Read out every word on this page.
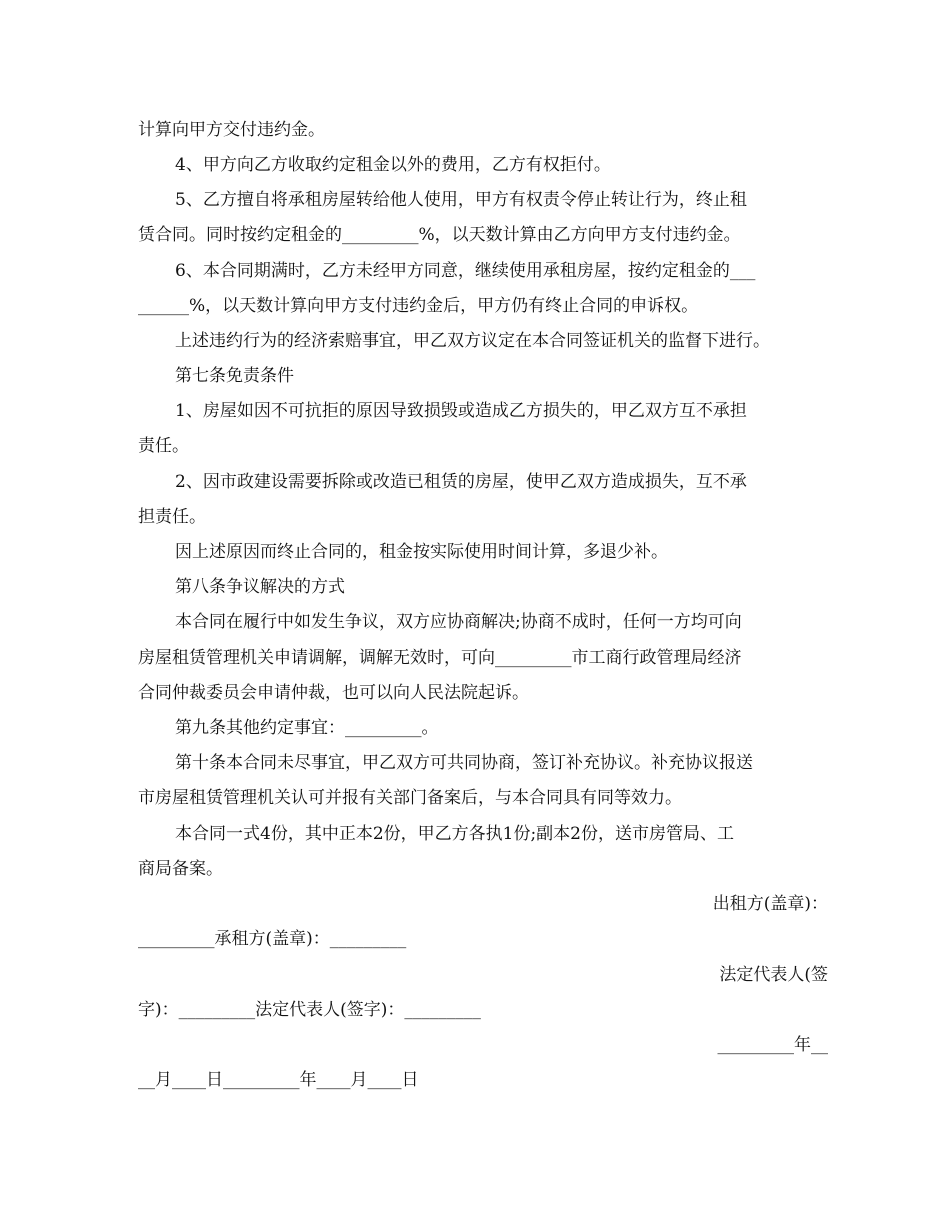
计算向甲方交付违约金。
4、甲方向乙方收取约定租金以外的费用，乙方有权拒付。
5、乙方擅自将承租房屋转给他人使用，甲方有权责令停止转让行为，终止租
赁合同。同时按约定租金的_________%，以天数计算由乙方向甲方支付违约金。
6、本合同期满时，乙方未经甲方同意，继续使用承租房屋，按约定租金的___
______%，以天数计算向甲方支付违约金后，甲方仍有终止合同的申诉权。
上述违约行为的经济索赔事宜，甲乙双方议定在本合同签证机关的监督下进行。
第七条免责条件
1、房屋如因不可抗拒的原因导致损毁或造成乙方损失的，甲乙双方互不承担
责任。
2、因市政建设需要拆除或改造已租赁的房屋，使甲乙双方造成损失，互不承
担责任。
因上述原因而终止合同的，租金按实际使用时间计算，多退少补。
第八条争议解决的方式
本合同在履行中如发生争议，双方应协商解决;协商不成时，任何一方均可向
房屋租赁管理机关申请调解，调解无效时，可向_________市工商行政管理局经济
合同仲裁委员会申请仲裁，也可以向人民法院起诉。
第九条其他约定事宜：_________。
第十条本合同未尽事宜，甲乙双方可共同协商，签订补充协议。补充协议报送
市房屋租赁管理机关认可并报有关部门备案后，与本合同具有同等效力。
本合同一式4份，其中正本2份，甲乙方各执1份;副本2份，送市房管局、工
商局备案。
出租方(盖章)：
_________承租方(盖章)：_________
法定代表人(签
字)：_________法定代表人(签字)：_________
_________年__
__月____日_________年____月____日
